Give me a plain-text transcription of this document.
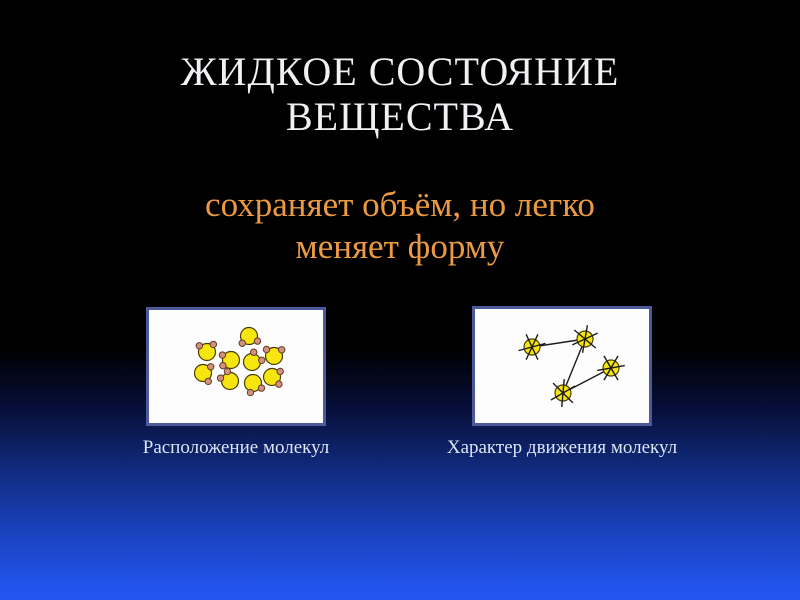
ЖИДКОЕ СОСТОЯНИЕ
ВЕЩЕСТВА
сохраняет объём, но легко
меняет форму
Расположение молекул	Характер движения молекул
